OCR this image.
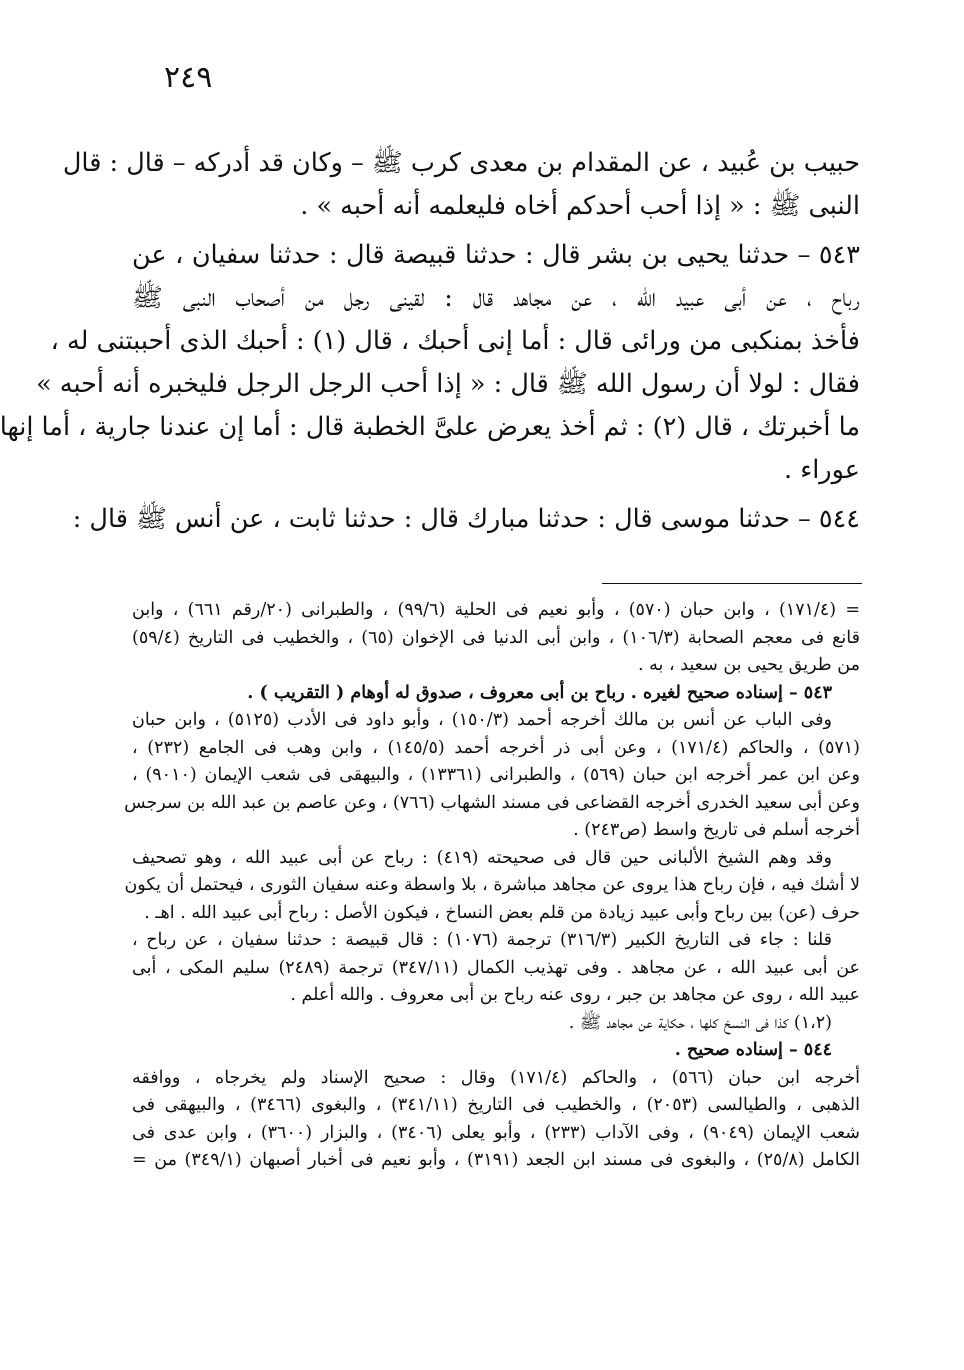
٢٤٩
حبيب بن عُبيد ، عن المقدام بن معدى كرب ﷺ – وكان قد أدركه – قال : قال
النبى ﷺ : « إذا أحب أحدكم أخاه فليعلمه أنه أحبه » .
٥٤٣ – حدثنا يحيى بن بشر قال : حدثنا قبيصة قال : حدثنا سفيان ، عن
رباح ، عن أبى عبيد الله ، عن مجاهد قال : لقينى رجل من أصحاب النبى ﷺ
فأخذ بمنكبى من ورائى قال : أما إنى أحبك ، قال (١) : أحبك الذى أحببتنى له ،
فقال : لولا أن رسول الله ﷺ قال : « إذا أحب الرجل الرجل فليخبره أنه أحبه »
ما أخبرتك ، قال (٢) : ثم أخذ يعرض علىَّ الخطبة قال : أما إن عندنا جارية ، أما إنها
عوراء .
٥٤٤ – حدثنا موسى قال : حدثنا مبارك قال : حدثنا ثابت ، عن أنس ﷺ قال :
= (١٧١/٤) ، وابن حبان (٥٧٠) ، وأبو نعيم فى الحلية (٩٩/٦) ، والطبرانى (٢٠/رقم ٦٦١) ، وابن
قانع فى معجم الصحابة (١٠٦/٣) ، وابن أبى الدنيا فى الإخوان (٦٥) ، والخطيب فى التاريخ (٥٩/٤)
من طريق يحيى بن سعيد ، به .
٥٤٣ – إسناده صحيح لغيره . رباح بن أبى معروف ، صدوق له أوهام ( التقريب ) .
وفى الباب عن أنس بن مالك أخرجه أحمد (١٥٠/٣) ، وأبو داود فى الأدب (٥١٢٥) ، وابن حبان
(٥٧١) ، والحاكم (١٧١/٤) ، وعن أبى ذر أخرجه أحمد (١٤٥/٥) ، وابن وهب فى الجامع (٢٣٢) ،
وعن ابن عمر أخرجه ابن حبان (٥٦٩) ، والطبرانى (١٣٣٦١) ، والبيهقى فى شعب الإيمان (٩٠١٠) ،
وعن أبى سعيد الخدرى أخرجه القضاعى فى مسند الشهاب (٧٦٦) ، وعن عاصم بن عبد الله بن سرجس
أخرجه أسلم فى تاريخ واسط (ص٢٤٣) .
وقد وهم الشيخ الألبانى حين قال فى صحيحته (٤١٩) : رباح عن أبى عبيد الله ، وهو تصحيف
لا أشك فيه ، فإن رباح هذا يروى عن مجاهد مباشرة ، بلا واسطة وعنه سفيان الثورى ، فيحتمل أن يكون
حرف (عن) بين رباح وأبى عبيد زيادة من قلم بعض النساخ ، فيكون الأصل : رباح أبى عبيد الله . اهـ .
قلنا : جاء فى التاريخ الكبير (٣١٦/٣) ترجمة (١٠٧٦) : قال قبيصة : حدثنا سفيان ، عن رباح ،
عن أبى عبيد الله ، عن مجاهد . وفى تهذيب الكمال (٣٤٧/١١) ترجمة (٢٤٨٩) سليم المكى ، أبى
عبيد الله ، روى عن مجاهد بن جبر ، روى عنه رباح بن أبى معروف . والله أعلم .
(١،٢) كذا فى النسخ كلها ، حكاية عن مجاهد ﷺ .
٥٤٤ – إسناده صحيح .
أخرجه ابن حبان (٥٦٦) ، والحاكم (١٧١/٤) وقال : صحيح الإسناد ولم يخرجاه ، ووافقه
الذهبى ، والطيالسى (٢٠٥٣) ، والخطيب فى التاريخ (٣٤١/١١) ، والبغوى (٣٤٦٦) ، والبيهقى فى
شعب الإيمان (٩٠٤٩) ، وفى الآداب (٢٣٣) ، وأبو يعلى (٣٤٠٦) ، والبزار (٣٦٠٠) ، وابن عدى فى
الكامل (٢٥/٨) ، والبغوى فى مسند ابن الجعد (٣١٩١) ، وأبو نعيم فى أخبار أصبهان (٣٤٩/١) من =
